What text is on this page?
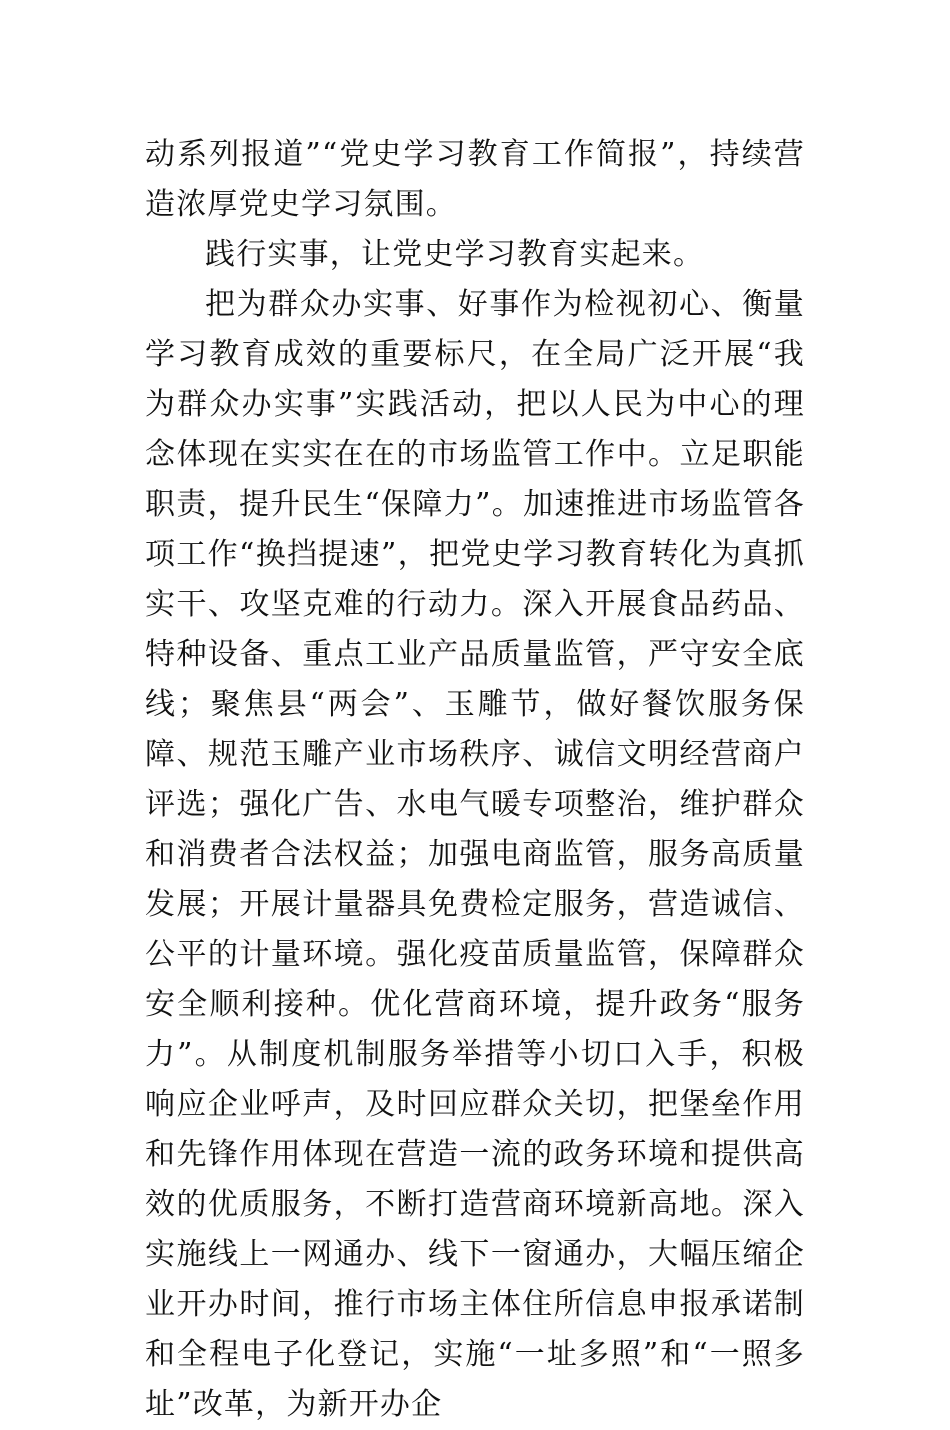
动系列报道”“党史学习教育工作简报”，持续营造浓厚党史学习氛围。

践行实事，让党史学习教育实起来。

把为群众办实事、好事作为检视初心、衡量学习教育成效的重要标尺，在全局广泛开展“我为群众办实事”实践活动，把以人民为中心的理念体现在实实在在的市场监管工作中。立足职能职责，提升民生“保障力”。加速推进市场监管各项工作“换挡提速”，把党史学习教育转化为真抓实干、攻坚克难的行动力。深入开展食品药品、特种设备、重点工业产品质量监管，严守安全底线；聚焦县“两会”、玉雕节，做好餐饮服务保障、规范玉雕产业市场秩序、诚信文明经营商户评选；强化广告、水电气暖专项整治，维护群众和消费者合法权益；加强电商监管，服务高质量发展；开展计量器具免费检定服务，营造诚信、公平的计量环境。强化疫苗质量监管，保障群众安全顺利接种。优化营商环境，提升政务“服务力”。从制度机制服务举措等小切口入手，积极响应企业呼声，及时回应群众关切，把堡垒作用和先锋作用体现在营造一流的政务环境和提供高效的优质服务，不断打造营商环境新高地。深入实施线上一网通办、线下一窗通办，大幅压缩企业开办时间，推行市场主体住所信息申报承诺制和全程电子化登记，实施“一址多照”和“一照多址”改革，为新开办企
